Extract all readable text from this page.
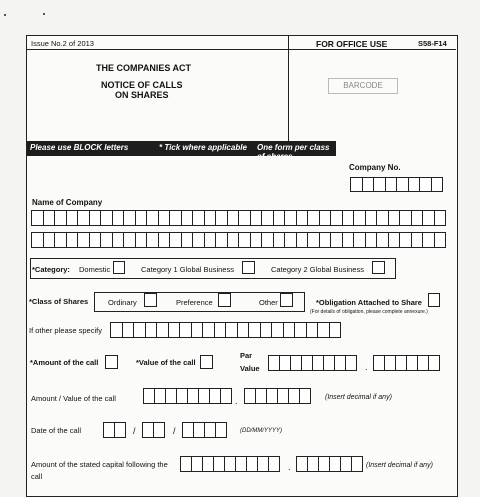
Issue No.2 of 2013	FOR OFFICE USE	S58-F14
THE COMPANIES ACT
NOTICE OF CALLS
ON SHARES
BARCODE
Please use BLOCK letters	* Tick where applicable One form per class of shares
Company No.
Name of Company
*Category: Domestic	Category 1 Global Business	Category 2 Global Business
*Class of Shares	Ordinary	Preference	Other	*Obligation Attached to Share
(For details of obligation, please complete annexure.)
If other please specify
*Amount of the call	*Value of the call
Par
Value	.
Amount / Value of the call	.	(Insert decimal if any)
Date of the call	/	/	(DD/MM/YYYY)
Amount of the stated capital following the
call
.	(Insert decimal if any)
